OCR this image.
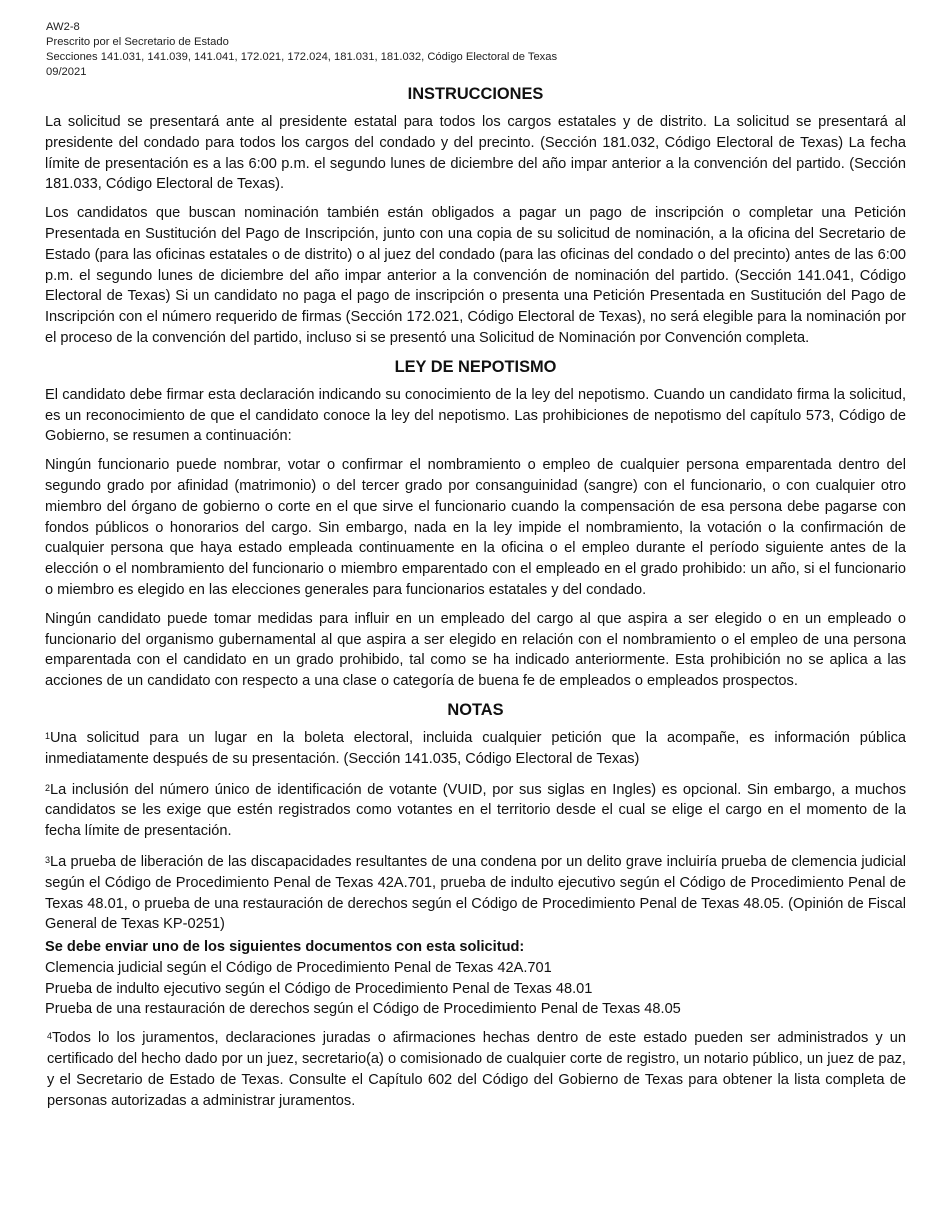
AW2-8
Prescrito por el Secretario de Estado
Secciones 141.031, 141.039, 141.041, 172.021, 172.024, 181.031, 181.032, Código Electoral de Texas
09/2021
INSTRUCCIONES

La solicitud se presentará ante al presidente estatal para todos los cargos estatales y de distrito. La solicitud se presentará al presidente del condado para todos los cargos del condado y del precinto. (Sección 181.032, Código Electoral de Texas) La fecha límite de presentación es a las 6:00 p.m. el segundo lunes de diciembre del año impar anterior a la convención del partido. (Sección 181.033, Código Electoral de Texas).

Los candidatos que buscan nominación también están obligados a pagar un pago de inscripción o completar una Petición Presentada en Sustitución del Pago de Inscripción, junto con una copia de su solicitud de nominación, a la oficina del Secretario de Estado (para las oficinas estatales o de distrito) o al juez del condado (para las oficinas del condado o del precinto) antes de las 6:00 p.m. el segundo lunes de diciembre del año impar anterior a la convención de nominación del partido. (Sección 141.041, Código Electoral de Texas) Si un candidato no paga el pago de inscripción o presenta una Petición Presentada en Sustitución del Pago de Inscripción con el número requerido de firmas (Sección 172.021, Código Electoral de Texas), no será elegible para la nominación por el proceso de la convención del partido, incluso si se presentó una Solicitud de Nominación por Convención completa.

LEY DE NEPOTISMO

El candidato debe firmar esta declaración indicando su conocimiento de la ley del nepotismo. Cuando un candidato firma la solicitud, es un reconocimiento de que el candidato conoce la ley del nepotismo. Las prohibiciones de nepotismo del capítulo 573, Código de Gobierno, se resumen a continuación:

Ningún funcionario puede nombrar, votar o confirmar el nombramiento o empleo de cualquier persona emparentada dentro del segundo grado por afinidad (matrimonio) o del tercer grado por consanguinidad (sangre) con el funcionario, o con cualquier otro miembro del órgano de gobierno o corte en el que sirve el funcionario cuando la compensación de esa persona debe pagarse con fondos públicos o honorarios del cargo. Sin embargo, nada en la ley impide el nombramiento, la votación o la confirmación de cualquier persona que haya estado empleada continuamente en la oficina o el empleo durante el período siguiente antes de la elección o el nombramiento del funcionario o miembro emparentado con el empleado en el grado prohibido: un año, si el funcionario o miembro es elegido en las elecciones generales para funcionarios estatales y del condado.

Ningún candidato puede tomar medidas para influir en un empleado del cargo al que aspira a ser elegido o en un empleado o funcionario del organismo gubernamental al que aspira a ser elegido en relación con el nombramiento o el empleo de una persona emparentada con el candidato en un grado prohibido, tal como se ha indicado anteriormente. Esta prohibición no se aplica a las acciones de un candidato con respecto a una clase o categoría de buena fe de empleados o empleados prospectos.

NOTAS

$^1$Una solicitud para un lugar en la boleta electoral, incluida cualquier petición que la acompañe, es información pública inmediatamente después de su presentación. (Sección 141.035, Código Electoral de Texas)

$^2$La inclusión del número único de identificación de votante (VUID, por sus siglas en Ingles) es opcional. Sin embargo, a muchos candidatos se les exige que estén registrados como votantes en el territorio desde el cual se elige el cargo en el momento de la fecha límite de presentación.

$^3$La prueba de liberación de las discapacidades resultantes de una condena por un delito grave incluiría prueba de clemencia judicial según el Código de Procedimiento Penal de Texas 42A.701, prueba de indulto ejecutivo según el Código de Procedimiento Penal de Texas 48.01, o prueba de una restauración de derechos según el Código de Procedimiento Penal de Texas 48.05. (Opinión de Fiscal General de Texas KP-0251)

Se debe enviar uno de los siguientes documentos con esta solicitud:
Clemencia judicial según el Código de Procedimiento Penal de Texas 42A.701
Prueba de indulto ejecutivo según el Código de Procedimiento Penal de Texas 48.01
Prueba de una restauración de derechos según el Código de Procedimiento Penal de Texas 48.05

$^4$Todos lo los juramentos, declaraciones juradas o afirmaciones hechas dentro de este estado pueden ser administrados y un certificado del hecho dado por un juez, secretario(a) o comisionado de cualquier corte de registro, un notario público, un juez de paz, y el Secretario de Estado de Texas. Consulte el Capítulo 602 del Código del Gobierno de Texas para obtener la lista completa de personas autorizadas a administrar juramentos.
